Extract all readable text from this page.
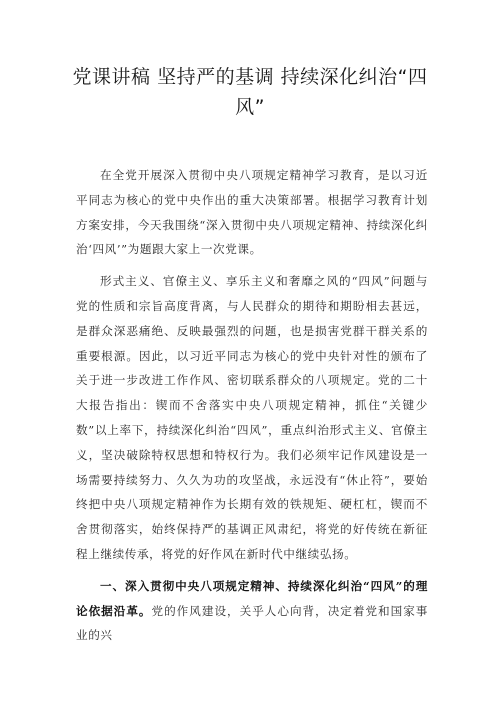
党课讲稿 坚持严的基调 持续深化纠治“四风”

在全党开展深入贯彻中央八项规定精神学习教育，是以习近平同志为核心的党中央作出的重大决策部署。根据学习教育计划方案安排，今天我围绕“深入贯彻中央八项规定精神、持续深化纠治‘四风’”为题跟大家上一次党课。

形式主义、官僚主义、享乐主义和奢靡之风的“四风”问题与党的性质和宗旨高度背离，与人民群众的期待和期盼相去甚远，是群众深恶痛绝、反映最强烈的问题，也是损害党群干群关系的重要根源。因此，以习近平同志为核心的党中央针对性的颁布了关于进一步改进工作作风、密切联系群众的八项规定。党的二十大报告指出：锲而不舍落实中央八项规定精神，抓住“关键少数”以上率下，持续深化纠治“四风”，重点纠治形式主义、官僚主义，坚决破除特权思想和特权行为。我们必须牢记作风建设是一场需要持续努力、久久为功的攻坚战，永远没有“休止符”，要始终把中央八项规定精神作为长期有效的铁规矩、硬杠杠，锲而不舍贯彻落实，始终保持严的基调正风肃纪，将党的好传统在新征程上继续传承，将党的好作风在新时代中继续弘扬。

一、深入贯彻中央八项规定精神、持续深化纠治“四风”的理论依据沿革。党的作风建设，关乎人心向背，决定着党和国家事业的兴
